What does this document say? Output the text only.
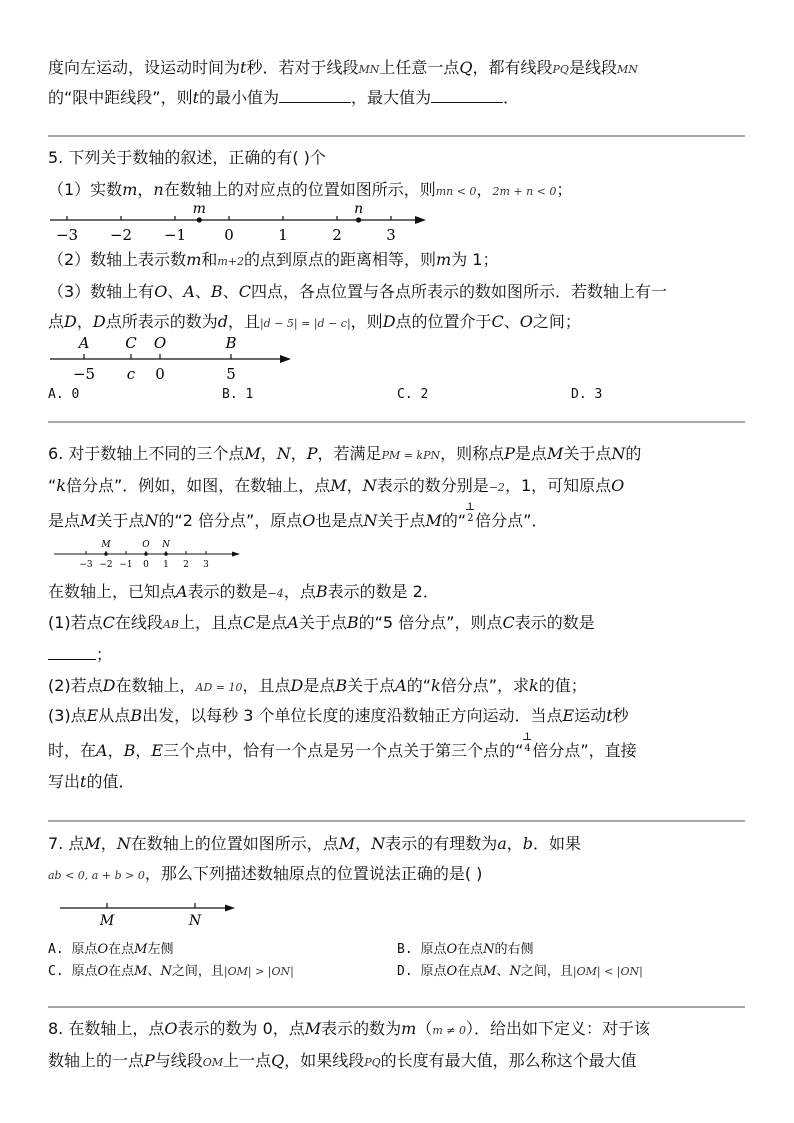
度向左运动，设运动时间为t秒．若对于线段MN上任意一点Q，都有线段PQ是线段MN
的“限中距线段”，则t的最小值为	，最大值为	．
5. 下列关于数轴的叙述，正确的有( )个
（1）实数m，n在数轴上的对应点的位置如图所示，则mn < 0，2m + n < 0；
−3 −2 −1	0	1	2	3
m	n
（2）数轴上表示数m和m+2的点到原点的距离相等，则m为 1；
（3）数轴上有O、A、B、C四点，各点位置与各点所表示的数如图所示．若数轴上有一
点D，D点所表示的数为d，且|d − 5| = |d − c|，则D点的位置介于C、O之间；
A
−5
C
c
O
0
B
5
A. 0	B. 1	C. 2	D. 3
6. 对于数轴上不同的三个点M，N，P，若满足PM = kPN，则称点P是点M关于点N的
“k倍分点”．例如，如图，在数轴上，点M，N表示的数分别是−2，1，可知原点O
是点M关于点N的“2 倍分点”，原点O也是点N关于点M的“
1
2 倍分点”．
−3 −2 −1 0 1 2 3
M	O N
在数轴上，已知点A表示的数是−4，点B表示的数是 2．
(1)若点C在线段AB上，且点C是点A关于点B的“5 倍分点”，则点C表示的数是
；
(2)若点D在数轴上，AD = 10，且点D是点B关于点A的“k倍分点”，求k的值；
(3)点E从点B出发，以每秒 3 个单位长度的速度沿数轴正方向运动．当点E运动t秒
时，在A，B，E三个点中，恰有一个点是另一个点关于第三个点的“
1
4 倍分点”，直接
写出t的值．
7. 点M，N在数轴上的位置如图所示，点M，N表示的有理数为a，b．如果
ab < 0, a + b > 0，那么下列描述数轴原点的位置说法正确的是( )
M	N
A. 原点O在点M左侧	B. 原点O在点N的右侧
C. 原点O在点M、N之间，且|OM| > |ON|	D. 原点O在点M、N之间，且|OM| < |ON|
8. 在数轴上，点O表示的数为 0，点M表示的数为m（m ≠ 0）．给出如下定义：对于该
数轴上的一点P与线段OM上一点Q，如果线段PQ的长度有最大值，那么称这个最大值
